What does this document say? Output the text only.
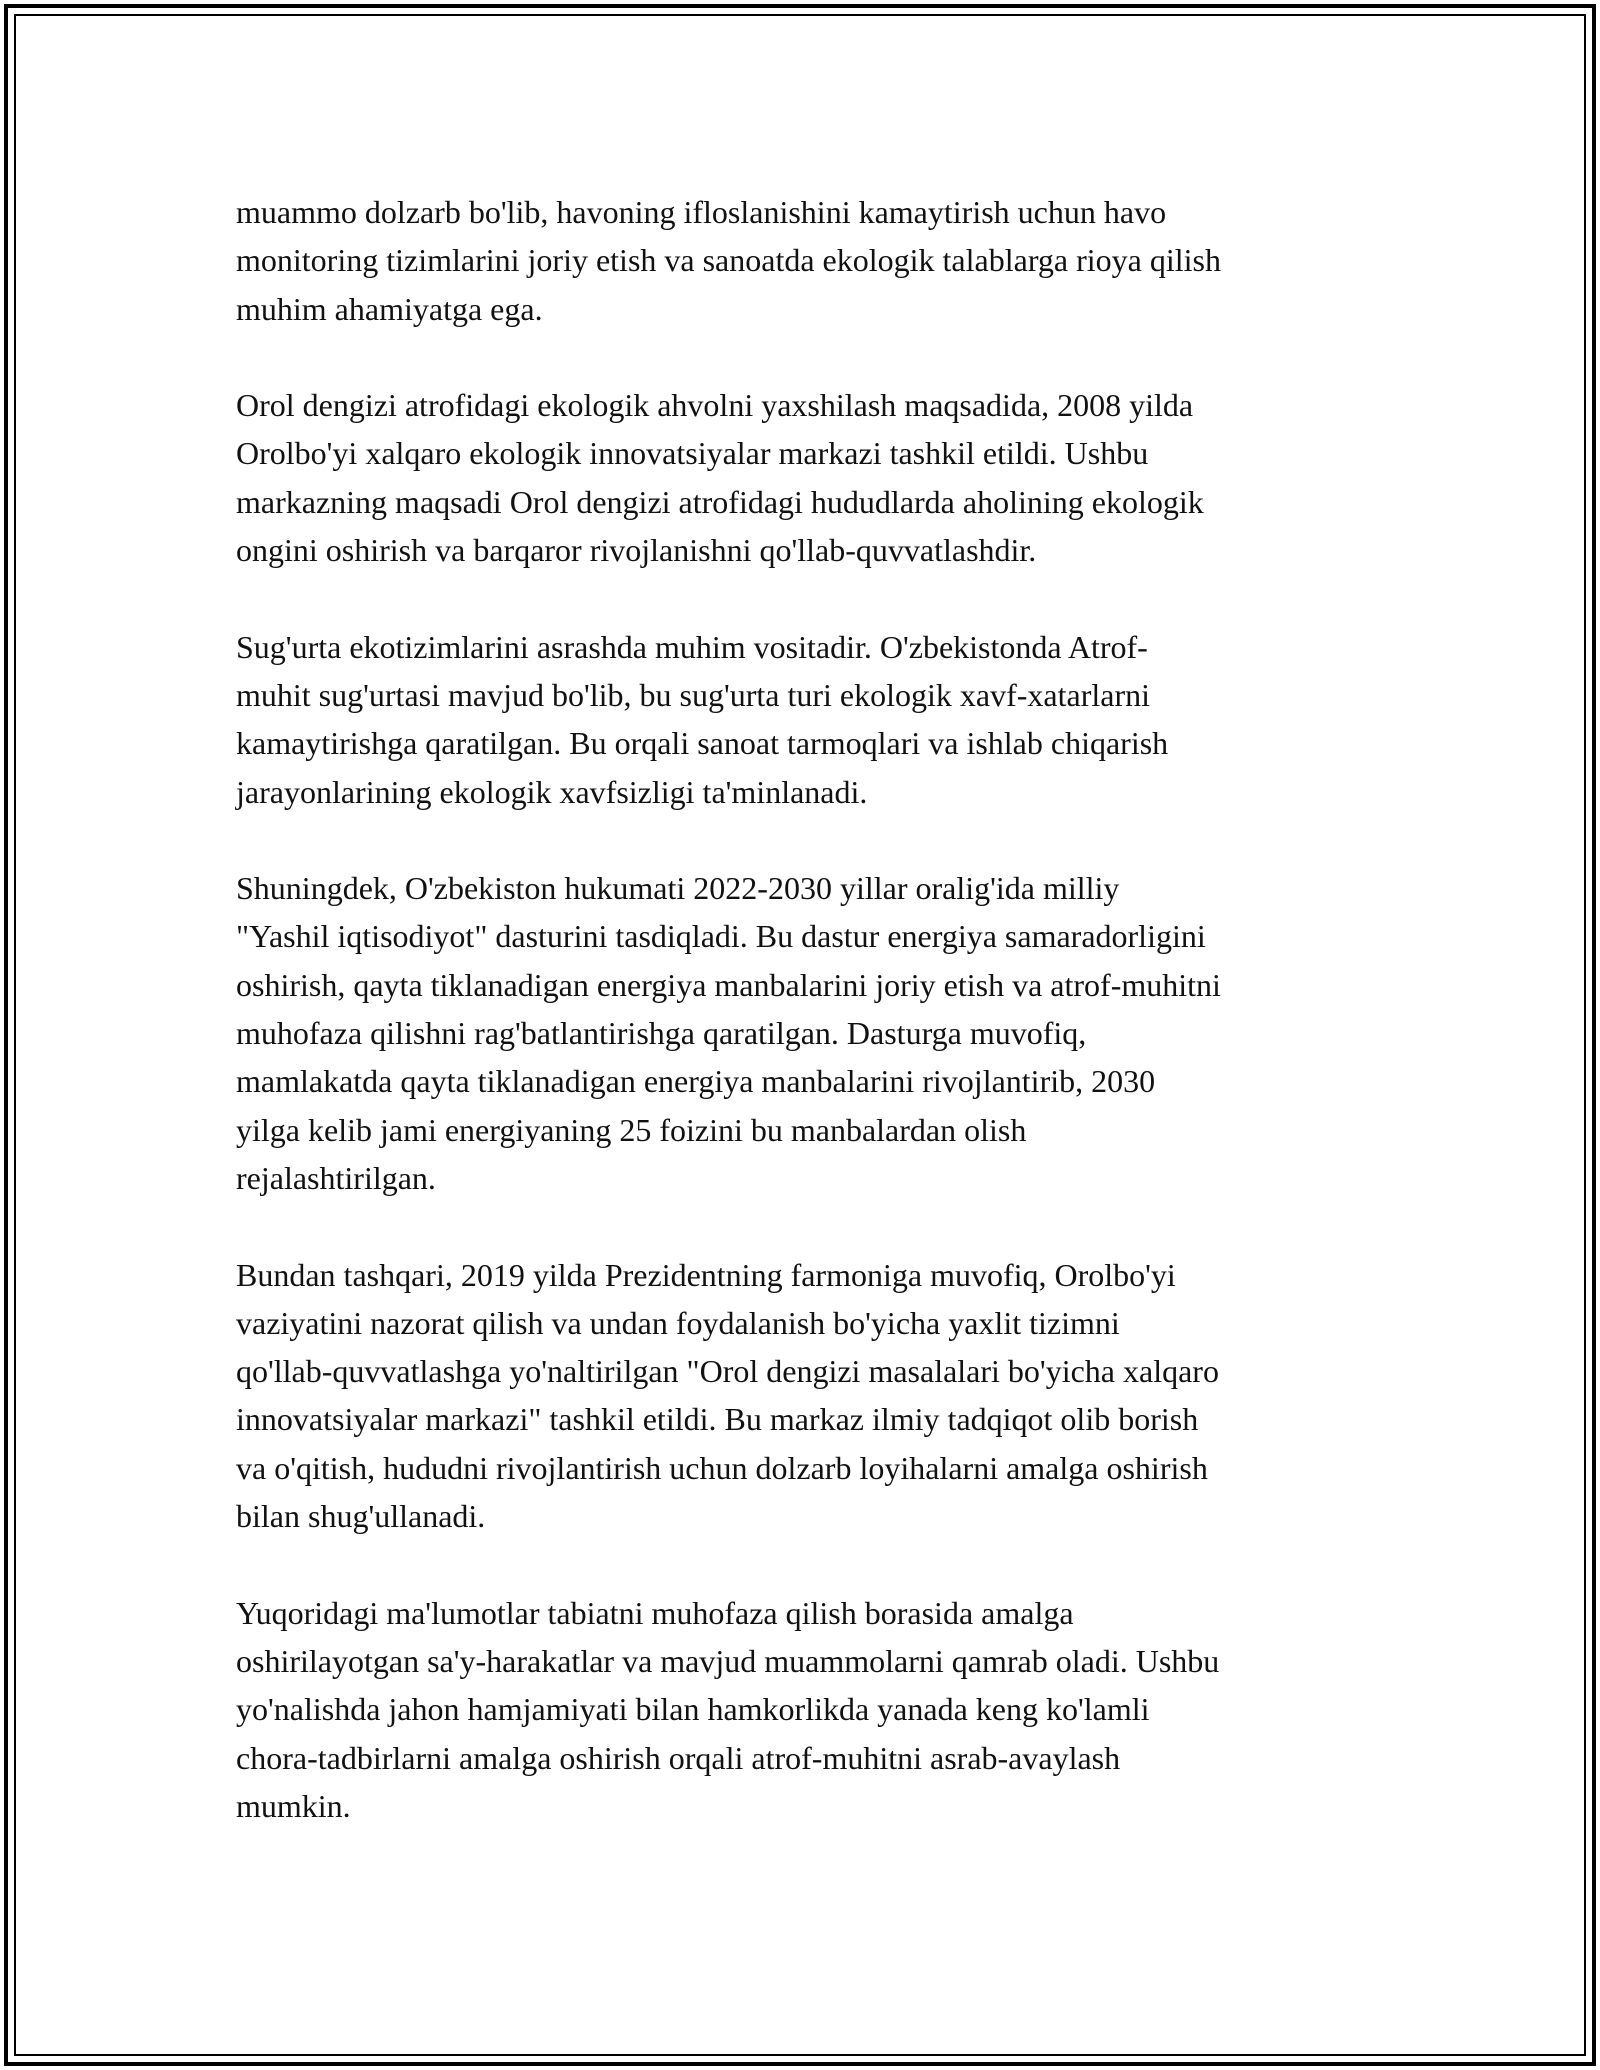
muammo dolzarb bo'lib, havoning ifloslanishini kamaytirish uchun havo
monitoring tizimlarini joriy etish va sanoatda ekologik talablarga rioya qilish
muhim ahamiyatga ega.

Orol dengizi atrofidagi ekologik ahvolni yaxshilash maqsadida, 2008 yilda
Orolbo'yi xalqaro ekologik innovatsiyalar markazi tashkil etildi. Ushbu
markazning maqsadi Orol dengizi atrofidagi hududlarda aholining ekologik
ongini oshirish va barqaror rivojlanishni qo'llab-quvvatlashdir.

Sug'urta ekotizimlarini asrashda muhim vositadir. O'zbekistonda Atrof-
muhit sug'urtasi mavjud bo'lib, bu sug'urta turi ekologik xavf-xatarlarni
kamaytirishga qaratilgan. Bu orqali sanoat tarmoqlari va ishlab chiqarish
jarayonlarining ekologik xavfsizligi ta'minlanadi.

Shuningdek, O'zbekiston hukumati 2022-2030 yillar oralig'ida milliy
"Yashil iqtisodiyot" dasturini tasdiqladi. Bu dastur energiya samaradorligini
oshirish, qayta tiklanadigan energiya manbalarini joriy etish va atrof-muhitni
muhofaza qilishni rag'batlantirishga qaratilgan. Dasturga muvofiq,
mamlakatda qayta tiklanadigan energiya manbalarini rivojlantirib, 2030
yilga kelib jami energiyaning 25 foizini bu manbalardan olish
rejalashtirilgan.

Bundan tashqari, 2019 yilda Prezidentning farmoniga muvofiq, Orolbo'yi
vaziyatini nazorat qilish va undan foydalanish bo'yicha yaxlit tizimni
qo'llab-quvvatlashga yo'naltirilgan "Orol dengizi masalalari bo'yicha xalqaro
innovatsiyalar markazi" tashkil etildi. Bu markaz ilmiy tadqiqot olib borish
va o'qitish, hududni rivojlantirish uchun dolzarb loyihalarni amalga oshirish
bilan shug'ullanadi.

Yuqoridagi ma'lumotlar tabiatni muhofaza qilish borasida amalga
oshirilayotgan sa'y-harakatlar va mavjud muammolarni qamrab oladi. Ushbu
yo'nalishda jahon hamjamiyati bilan hamkorlikda yanada keng ko'lamli
chora-tadbirlarni amalga oshirish orqali atrof-muhitni asrab-avaylash
mumkin.
